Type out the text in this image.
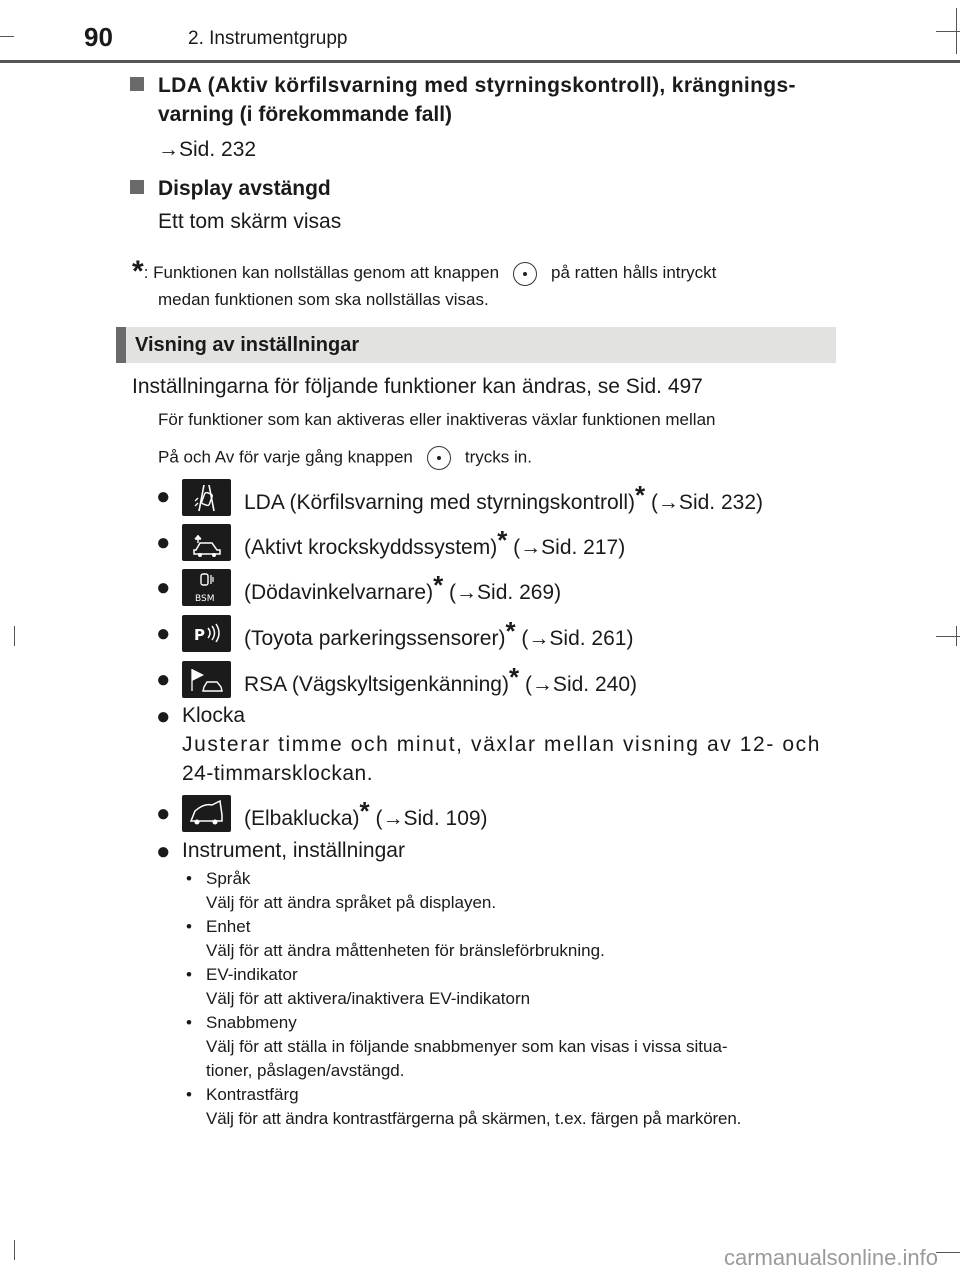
90	2. Instrumentgrupp
LDA (Aktiv körfilsvarning med styrningskontroll), krängnings-
varning (i förekommande fall)
→Sid. 232
Display avstängd
Ett tom skärm visas
*: Funktionen kan nollställas genom att knappen	på ratten hålls intryckt
medan funktionen som ska nollställas visas.
Visning av inställningar
Inställningarna för följande funktioner kan ändras, se Sid. 497
För funktioner som kan aktiveras eller inaktiveras växlar funktionen mellan
På och Av för varje gång knappen	trycks in.
●	LDA (Körfilsvarning med styrningskontroll)* (→Sid. 232)
●	(Aktivt krockskyddssystem)* (→Sid. 217)
●	BSM (Dödavinkelvarnare)* (→Sid. 269)
● P (Toyota parkeringssensorer)* (→Sid. 261)
●	RSA (Vägskyltsigenkänning)* (→Sid. 240)
● Klocka
Justerar timme och minut, växlar mellan visning av 12- och
24-timmarsklockan.
●	(Elbaklucka)* (→Sid. 109)
● Instrument, inställningar
• Språk
Välj för att ändra språket på displayen.
• Enhet
Välj för att ändra måttenheten för bränsleförbrukning.
• EV-indikator
Välj för att aktivera/inaktivera EV-indikatorn
• Snabbmeny
Välj för att ställa in följande snabbmenyer som kan visas i vissa situa-
tioner, påslagen/avstängd.
• Kontrastfärg
Välj för att ändra kontrastfärgerna på skärmen, t.ex. färgen på markören.
carmanualsonline.info
